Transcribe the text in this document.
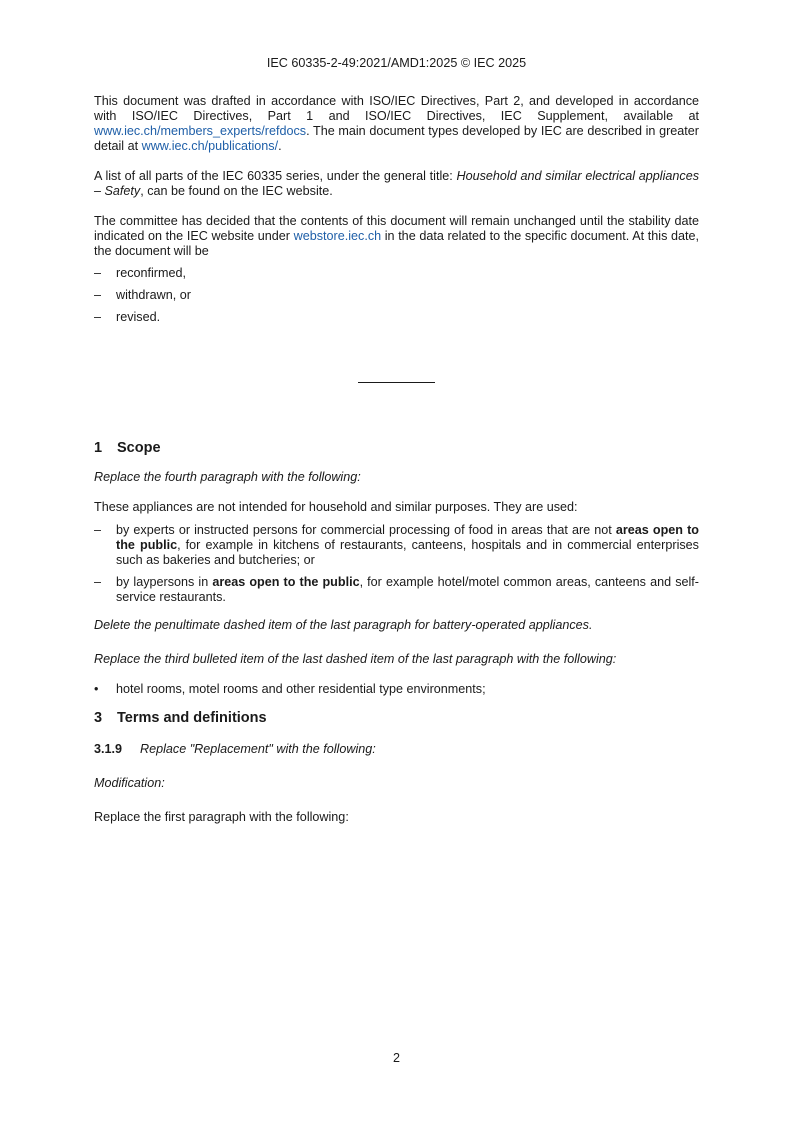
IEC 60335-2-49:2021/AMD1:2025 © IEC 2025

This document was drafted in accordance with ISO/IEC Directives, Part 2, and developed in accordance with ISO/IEC Directives, Part 1 and ISO/IEC Directives, IEC Supplement, available at www.iec.ch/members_experts/refdocs. The main document types developed by IEC are described in greater detail at www.iec.ch/publications/.

A list of all parts of the IEC 60335 series, under the general title: Household and similar electrical appliances – Safety, can be found on the IEC website.

The committee has decided that the contents of this document will remain unchanged until the stability date indicated on the IEC website under webstore.iec.ch in the data related to the specific document. At this date, the document will be

– reconfirmed,
– withdrawn, or
– revised.
1 Scope

Replace the fourth paragraph with the following:

These appliances are not intended for household and similar purposes. They are used:

– by experts or instructed persons for commercial processing of food in areas that are not areas open to the public, for example in kitchens of restaurants, canteens, hospitals and in commercial enterprises such as bakeries and butcheries; or
– by laypersons in areas open to the public, for example hotel/motel common areas, canteens and self-service restaurants.

Delete the penultimate dashed item of the last paragraph for battery-operated appliances.

Replace the third bulleted item of the last dashed item of the last paragraph with the following:

• hotel rooms, motel rooms and other residential type environments;
3 Terms and definitions

3.1.9 Replace "Replacement" with the following:

Modification:

Replace the first paragraph with the following:

2
